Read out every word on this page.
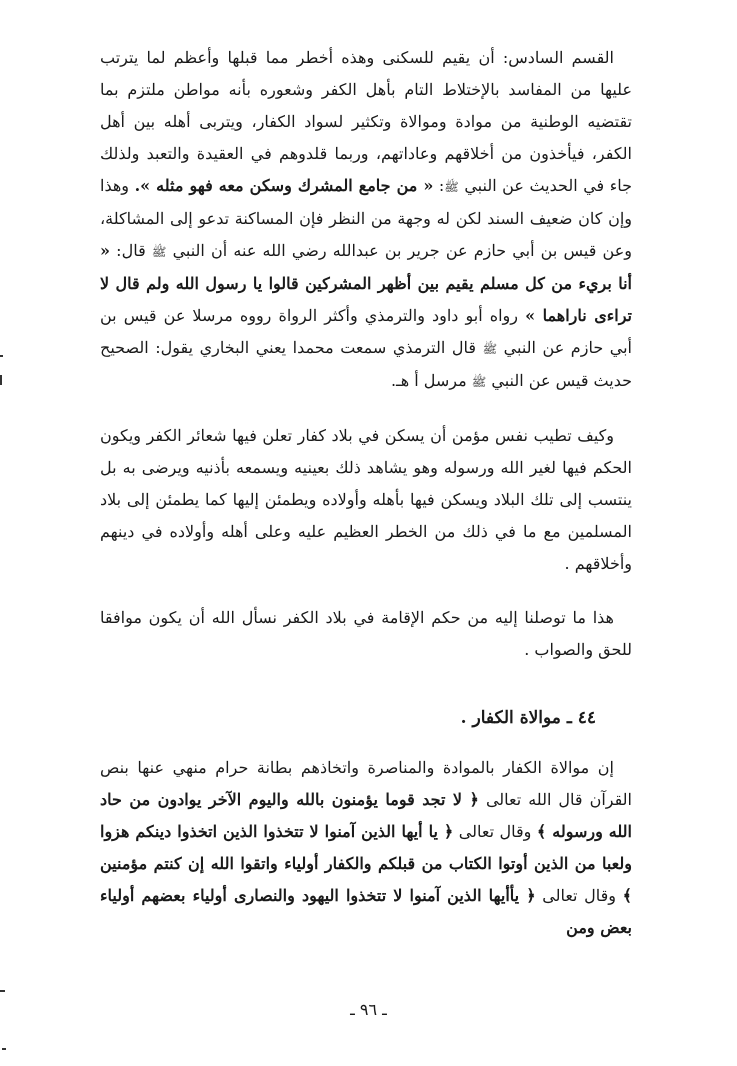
القسم السادس: أن يقيم للسكنى وهذه أخطر مما قبلها وأعظم لما يترتب عليها من المفاسد بالإختلاط التام بأهل الكفر وشعوره بأنه مواطن ملتزم بما تقتضيه الوطنية من موادة وموالاة وتكثير لسواد الكفار، ويتربى أهله بين أهل الكفر، فيأخذون من أخلاقهم وعاداتهم، وربما قلدوهم في العقيدة والتعبد ولذلك جاء في الحديث عن النبي ﷺ: « من جامع المشرك وسكن معه فهو مثله ». وهذا وإن كان ضعيف السند لكن له وجهة من النظر فإن المساكنة تدعو إلى المشاكلة، وعن قيس بن أبي حازم عن جرير بن عبدالله رضي الله عنه أن النبي ﷺ قال: « أنا بريء من كل مسلم يقيم بين أظهر المشركين قالوا يا رسول الله ولم قال لا تراءى ناراهما » رواه أبو داود والترمذي وأكثر الرواة رووه مرسلا عن قيس بن أبي حازم عن النبي ﷺ قال الترمذي سمعت محمدا يعني البخاري يقول: الصحيح حديث قيس عن النبي ﷺ مرسل أ هـ.

وكيف تطيب نفس مؤمن أن يسكن في بلاد كفار تعلن فيها شعائر الكفر ويكون الحكم فيها لغير الله ورسوله وهو يشاهد ذلك بعينيه ويسمعه بأذنيه ويرضى به بل ينتسب إلى تلك البلاد ويسكن فيها بأهله وأولاده ويطمئن إليها كما يطمئن إلى بلاد المسلمين مع ما في ذلك من الخطر العظيم عليه وعلى أهله وأولاده في دينهم وأخلاقهم .

هذا ما توصلنا إليه من حكم الإقامة في بلاد الكفر نسأل الله أن يكون موافقا للحق والصواب .

٤٤ ـ موالاة الكفار .

إن موالاة الكفار بالموادة والمناصرة واتخاذهم بطانة حرام منهي عنها بنص القرآن قال الله تعالى ﴿ لا تجد قوما يؤمنون بالله واليوم الآخر يوادون من حاد الله ورسوله ﴾ وقال تعالى ﴿ يا أيها الذين آمنوا لا تتخذوا الذين اتخذوا دينكم هزوا ولعبا من الذين أوتوا الكتاب من قبلكم والكفار أولياء واتقوا الله إن كنتم مؤمنين ﴾ وقال تعالى ﴿ يأأيها الذين آمنوا لا تتخذوا اليهود والنصارى أولياء بعضهم أولياء بعض ومن

ـ ٩٦ ـ
